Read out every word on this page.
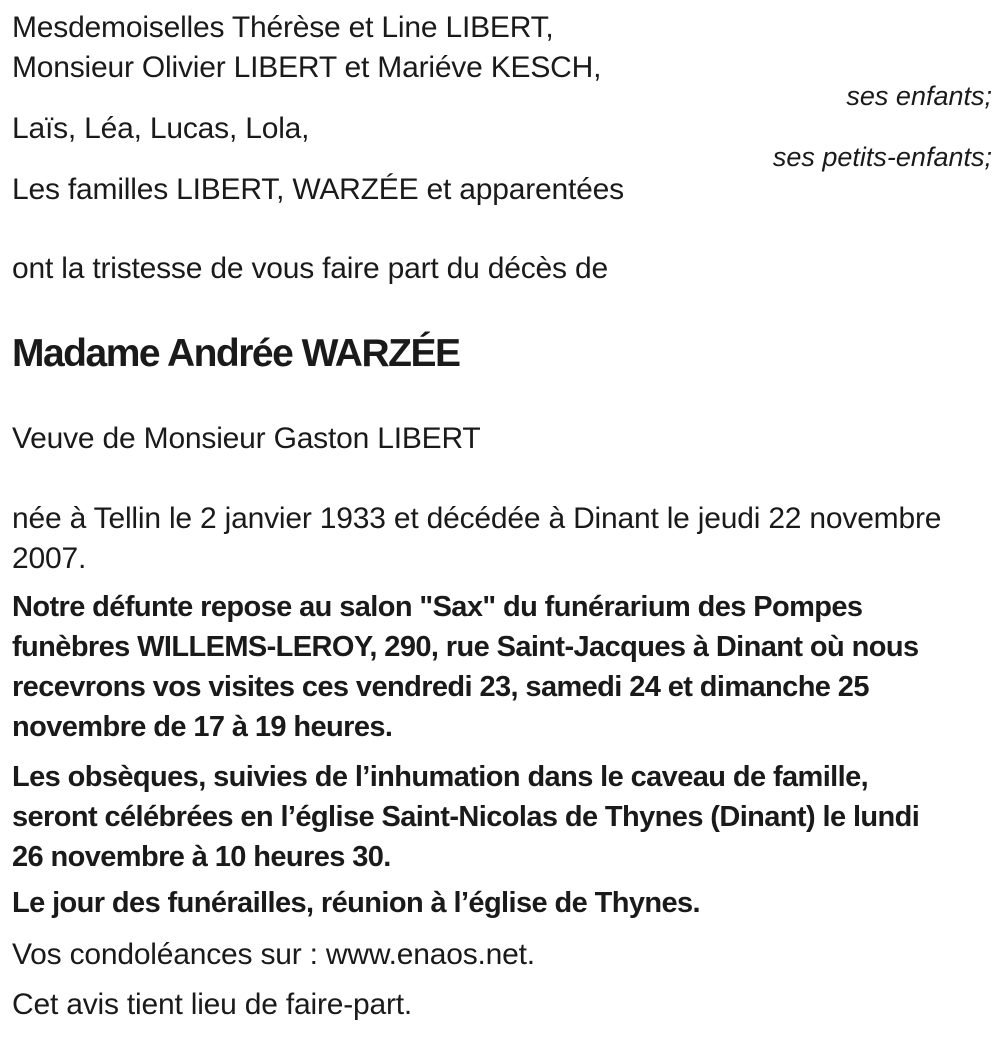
Mesdemoiselles Thérèse et Line LIBERT,
Monsieur Olivier LIBERT et Mariéve KESCH,

ses enfants;

Laïs, Léa, Lucas, Lola,

ses petits-enfants;

Les familles LIBERT, WARZÉE et apparentées

ont la tristesse de vous faire part du décès de

Madame Andrée WARZÉE

Veuve de Monsieur Gaston LIBERT

née à Tellin le 2 janvier 1933 et décédée à Dinant le jeudi 22 novembre
2007.

Notre défunte repose au salon "Sax" du funérarium des Pompes
funèbres WILLEMS-LEROY, 290, rue Saint-Jacques à Dinant où nous
recevrons vos visites ces vendredi 23, samedi 24 et dimanche 25
novembre de 17 à 19 heures.

Les obsèques, suivies de l’inhumation dans le caveau de famille,
seront célébrées en l’église Saint-Nicolas de Thynes (Dinant) le lundi
26 novembre à 10 heures 30.

Le jour des funérailles, réunion à l’église de Thynes.

Vos condoléances sur : www.enaos.net.

Cet avis tient lieu de faire-part.
